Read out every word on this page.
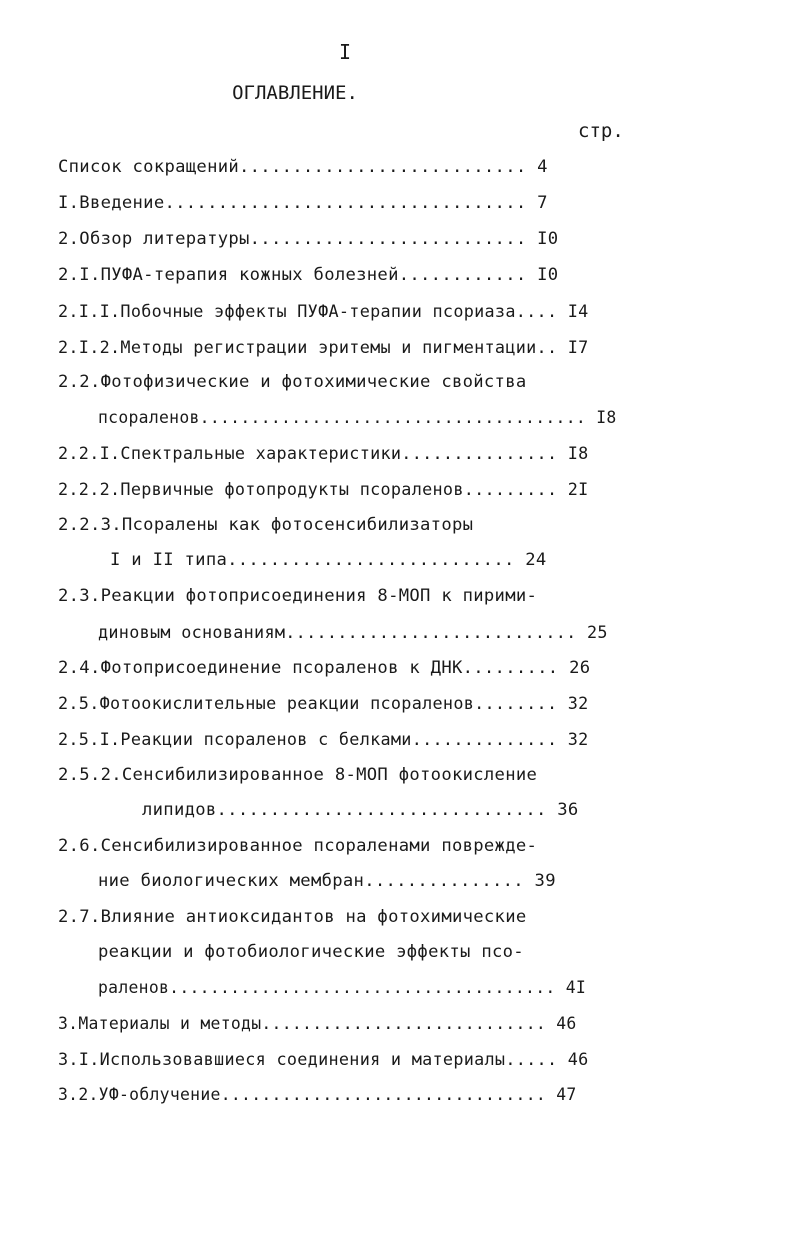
I
ОГЛАВЛЕНИЕ.
стр.
Список сокращений........................... 4
I.Введение.................................. 7
2.Обзор литературы.......................... I0
2.I.ПУФА-терапия кожных болезней............ I0
2.I.I.Побочные эффекты ПУФА-терапии псориаза.... I4
2.I.2.Методы регистрации эритемы и пигментации.. I7
2.2.Фотофизические и фотохимические свойства
псораленов...................................... I8
2.2.I.Спектральные характеристики............... I8
2.2.2.Первичные фотопродукты псораленов......... 2I
2.2.3.Псоралены как фотосенсибилизаторы
I и II типа........................... 24
2.3.Реакции фотоприсоединения 8-МОП к пирими-
диновым основаниям............................ 25
2.4.Фотоприсоединение псораленов к ДНК......... 26
2.5.Фотоокислительные реакции псораленов........ 32
2.5.I.Реакции псораленов с белками.............. 32
2.5.2.Сенсибилизированное 8-МОП фотоокисление
липидов............................... 36
2.6.Сенсибилизированное псораленами поврежде-
ние биологических мембран............... 39
2.7.Влияние антиоксидантов на фотохимические
реакции и фотобиологические эффекты псо-
раленов...................................... 4I
3.Материалы и методы............................ 46
3.I.Использовавшиеся соединения и материалы..... 46
3.2.УФ-облучение................................ 47
